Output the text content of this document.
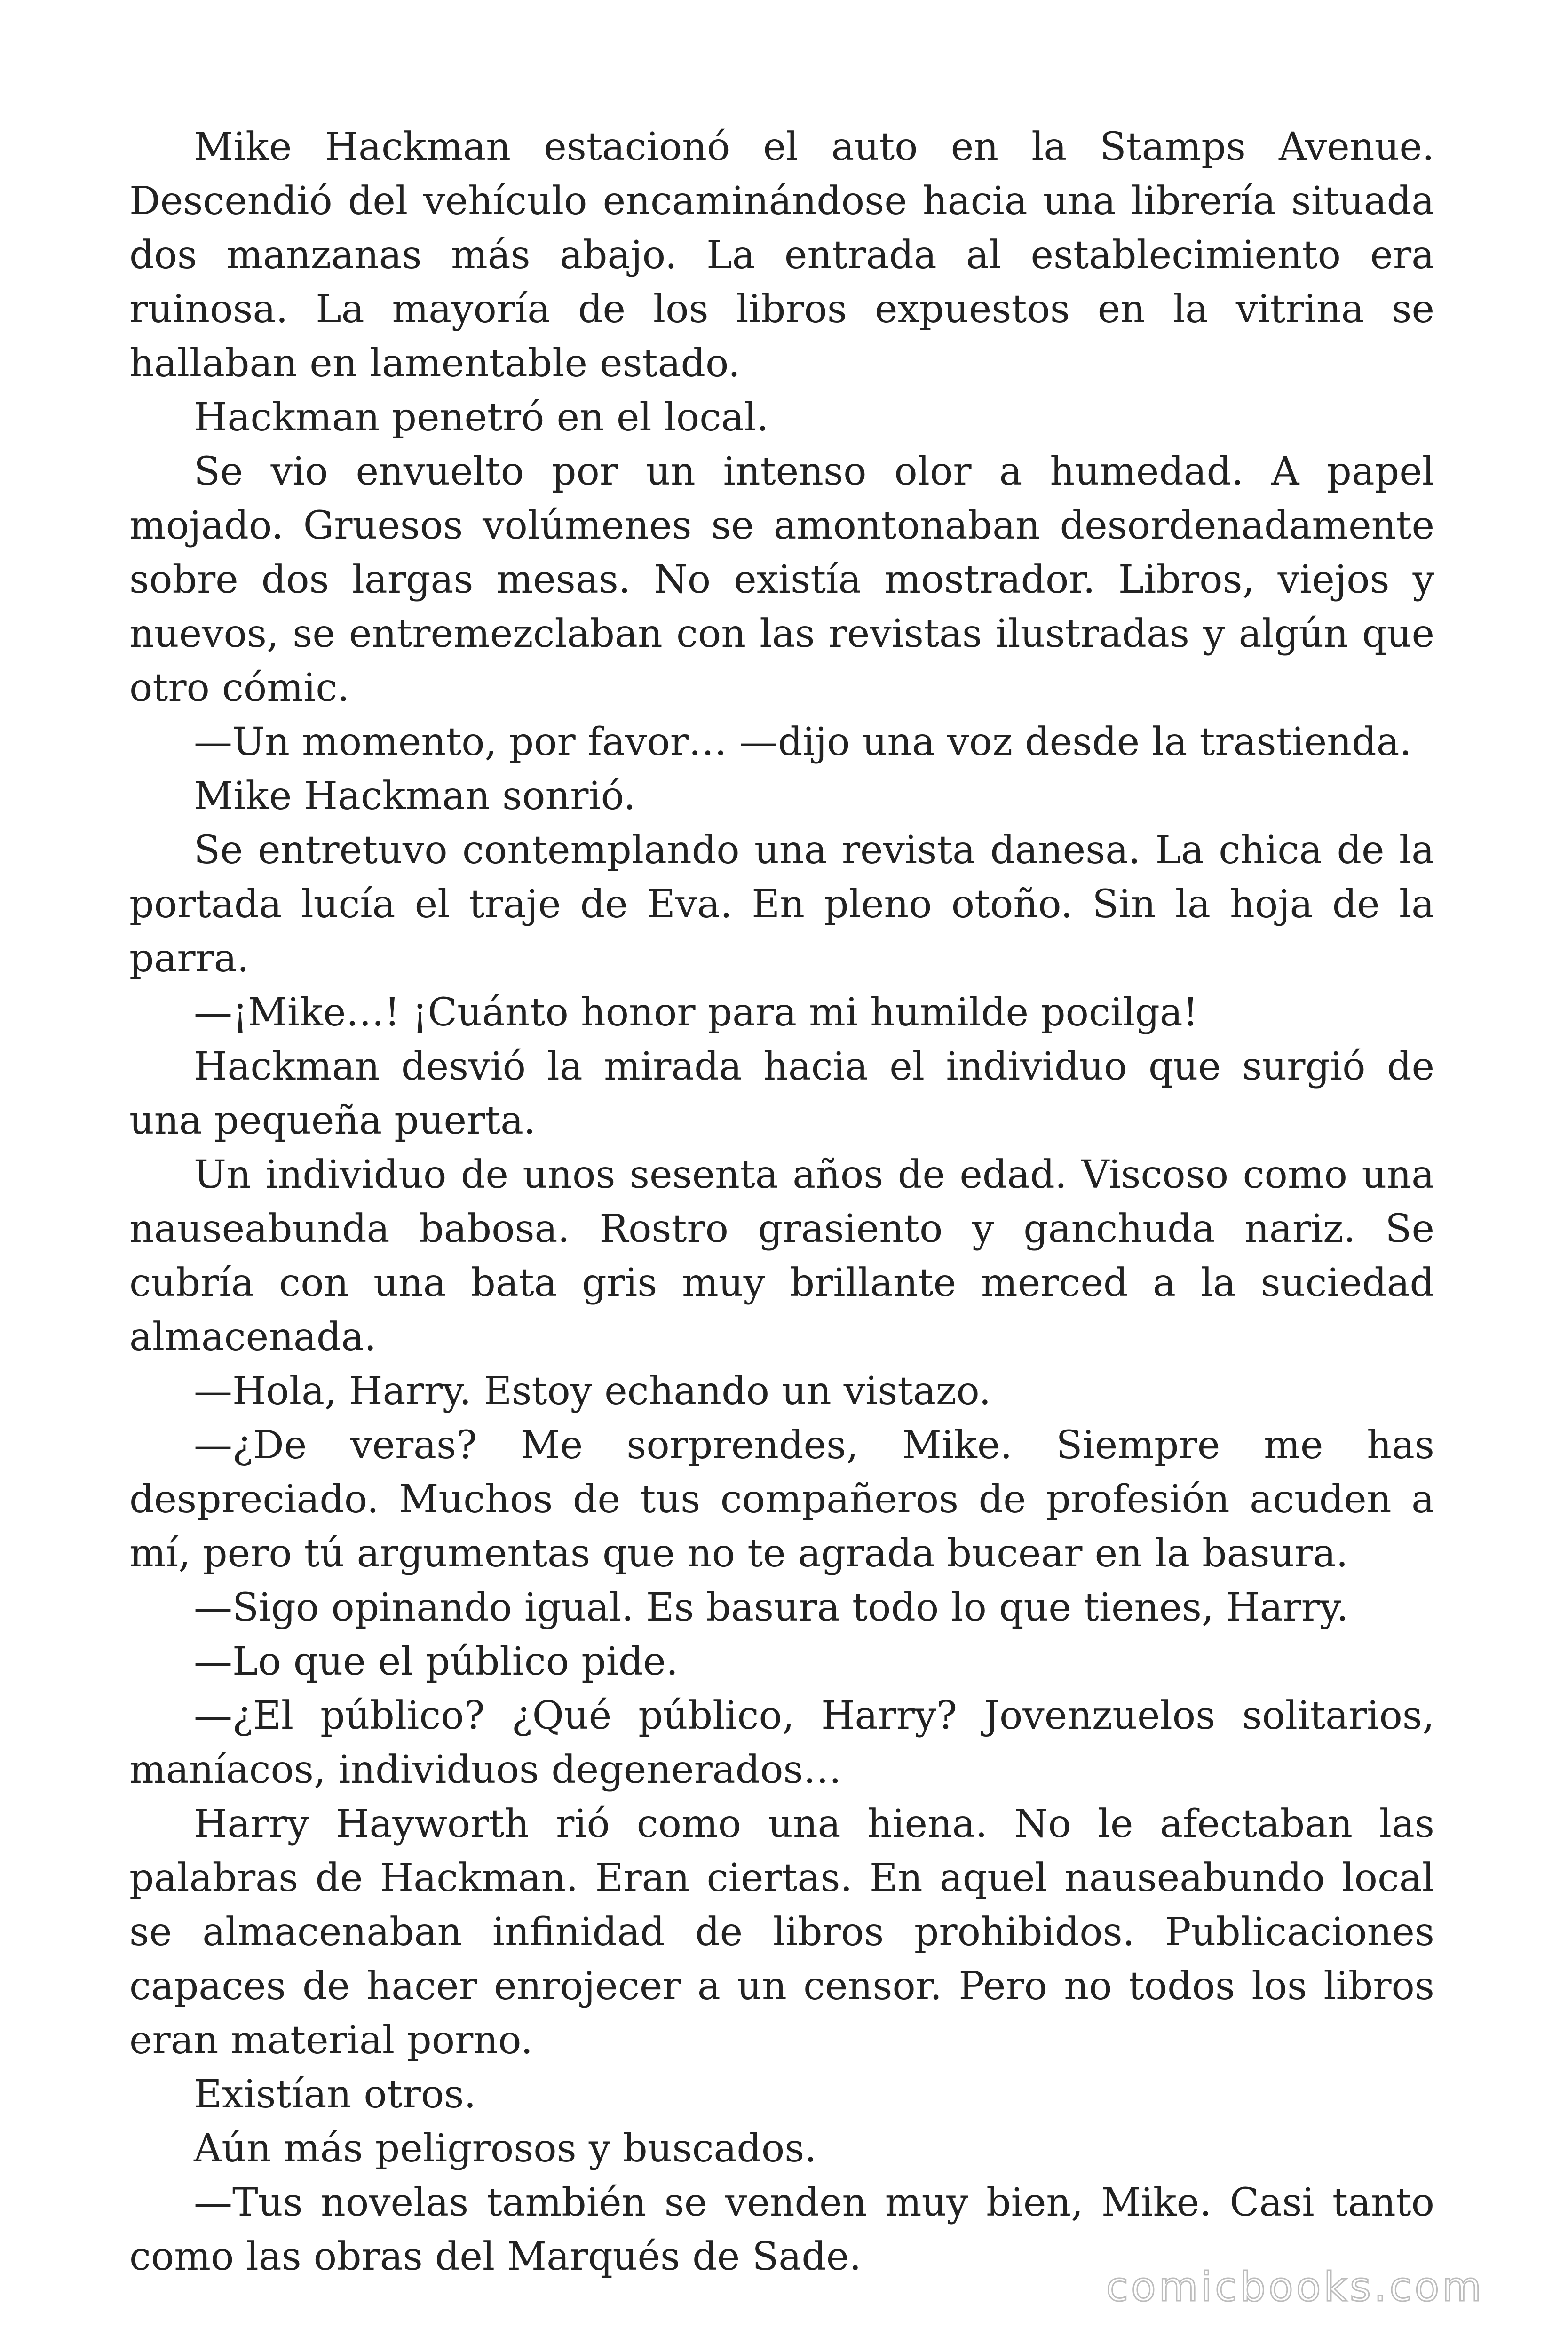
Mike Hackman estacionó el auto en la Stamps Avenue. Descendió del vehículo encaminándose hacia una librería situada dos manzanas más abajo. La entrada al establecimiento era ruinosa. La mayoría de los libros expuestos en la vitrina se hallaban en lamentable estado.

Hackman penetró en el local.

Se vio envuelto por un intenso olor a humedad. A papel mojado. Gruesos volúmenes se amontonaban desordenadamente sobre dos largas mesas. No existía mostrador. Libros, viejos y nuevos, se entremezclaban con las revistas ilustradas y algún que otro cómic.

—Un momento, por favor… —dijo una voz desde la trastienda.

Mike Hackman sonrió.

Se entretuvo contemplando una revista danesa. La chica de la portada lucía el traje de Eva. En pleno otoño. Sin la hoja de la parra.

—¡Mike…! ¡Cuánto honor para mi humilde pocilga!

Hackman desvió la mirada hacia el individuo que surgió de una pequeña puerta.

Un individuo de unos sesenta años de edad. Viscoso como una nauseabunda babosa. Rostro grasiento y ganchuda nariz. Se cubría con una bata gris muy brillante merced a la suciedad almacenada.

—Hola, Harry. Estoy echando un vistazo.

—¿De veras? Me sorprendes, Mike. Siempre me has despreciado. Muchos de tus compañeros de profesión acuden a mí, pero tú argumentas que no te agrada bucear en la basura.

—Sigo opinando igual. Es basura todo lo que tienes, Harry.

—Lo que el público pide.

—¿El público? ¿Qué público, Harry? Jovenzuelos solitarios, maníacos, individuos degenerados…

Harry Hayworth rió como una hiena. No le afectaban las palabras de Hackman. Eran ciertas. En aquel nauseabundo local se almacenaban infinidad de libros prohibidos. Publicaciones capaces de hacer enrojecer a un censor. Pero no todos los libros eran material porno.

Existían otros.

Aún más peligrosos y buscados.

—Tus novelas también se venden muy bien, Mike. Casi tanto como las obras del Marqués de Sade.

comicbooks.com
